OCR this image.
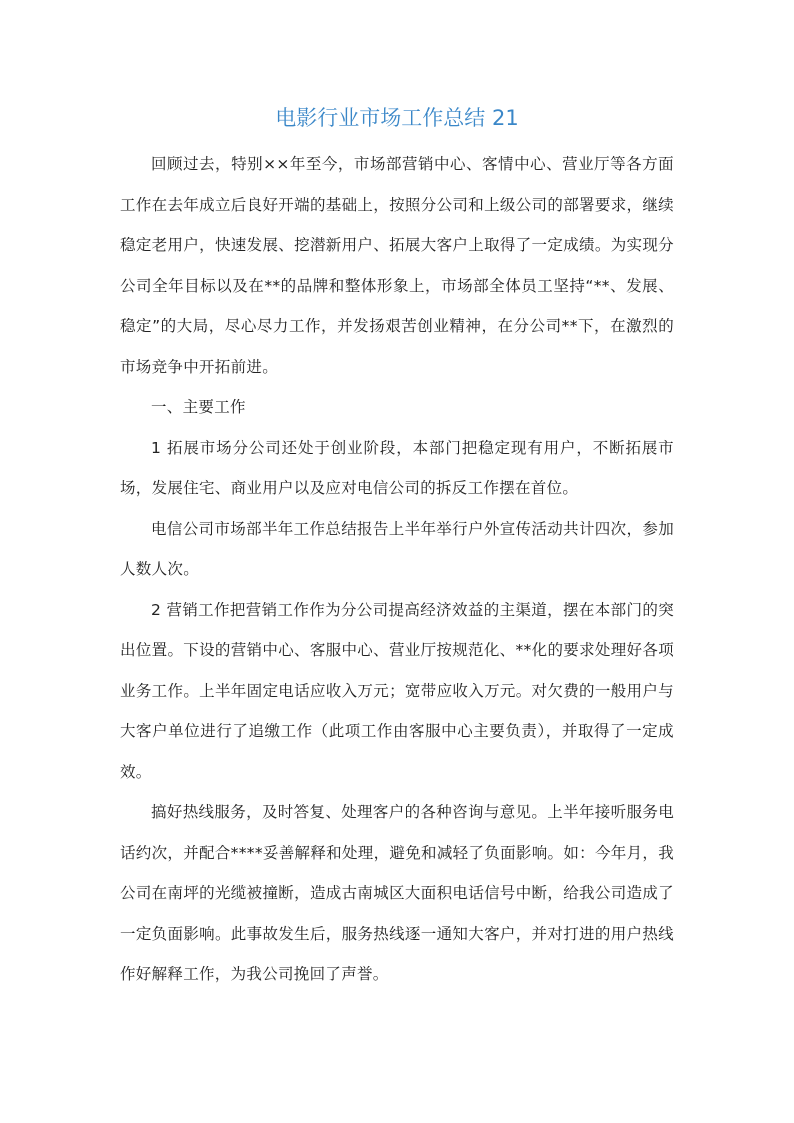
电影行业市场工作总结 21

回顾过去，特别××年至今，市场部营销中心、客情中心、营业厅等各方面工作在去年成立后良好开端的基础上，按照分公司和上级公司的部署要求，继续稳定老用户，快速发展、挖潜新用户、拓展大客户上取得了一定成绩。为实现分公司全年目标以及在**的品牌和整体形象上，市场部全体员工坚持“**、发展、稳定”的大局，尽心尽力工作，并发扬艰苦创业精神，在分公司**下，在激烈的市场竞争中开拓前进。

一、主要工作

1 拓展市场分公司还处于创业阶段，本部门把稳定现有用户，不断拓展市场，发展住宅、商业用户以及应对电信公司的拆反工作摆在首位。

电信公司市场部半年工作总结报告上半年举行户外宣传活动共计四次，参加人数人次。

2 营销工作把营销工作作为分公司提高经济效益的主渠道，摆在本部门的突出位置。下设的营销中心、客服中心、营业厅按规范化、**化的要求处理好各项业务工作。上半年固定电话应收入万元；宽带应收入万元。对欠费的一般用户与大客户单位进行了追缴工作（此项工作由客服中心主要负责），并取得了一定成效。

搞好热线服务，及时答复、处理客户的各种咨询与意见。上半年接听服务电话约次，并配合****妥善解释和处理，避免和减轻了负面影响。如：今年月，我公司在南坪的光缆被撞断，造成古南城区大面积电话信号中断，给我公司造成了一定负面影响。此事故发生后，服务热线逐一通知大客户，并对打进的用户热线作好解释工作，为我公司挽回了声誉。
